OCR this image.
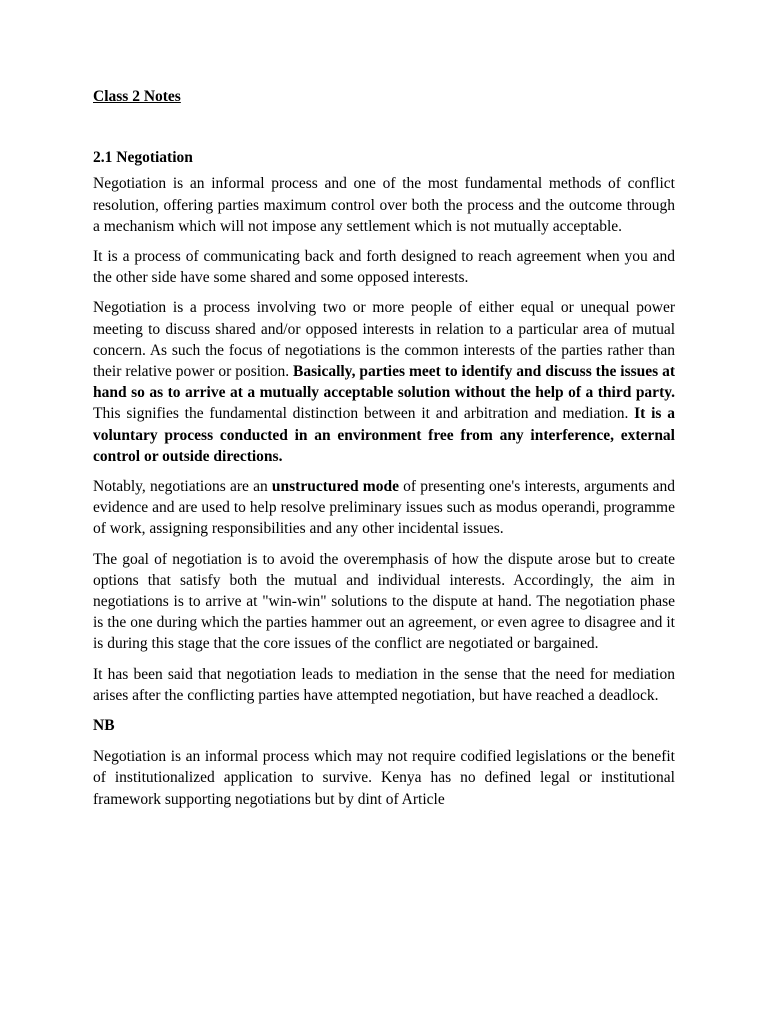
Class 2 Notes
2.1 Negotiation

Negotiation is an informal process and one of the most fundamental methods of conflict resolution, offering parties maximum control over both the process and the outcome through a mechanism which will not impose any settlement which is not mutually acceptable.

It is a process of communicating back and forth designed to reach agreement when you and the other side have some shared and some opposed interests.

Negotiation is a process involving two or more people of either equal or unequal power meeting to discuss shared and/or opposed interests in relation to a particular area of mutual concern. As such the focus of negotiations is the common interests of the parties rather than their relative power or position. Basically, parties meet to identify and discuss the issues at hand so as to arrive at a mutually acceptable solution without the help of a third party. This signifies the fundamental distinction between it and arbitration and mediation. It is a voluntary process conducted in an environment free from any interference, external control or outside directions.

Notably, negotiations are an unstructured mode of presenting one's interests, arguments and evidence and are used to help resolve preliminary issues such as modus operandi, programme of work, assigning responsibilities and any other incidental issues.

The goal of negotiation is to avoid the overemphasis of how the dispute arose but to create options that satisfy both the mutual and individual interests. Accordingly, the aim in negotiations is to arrive at "win-win" solutions to the dispute at hand. The negotiation phase is the one during which the parties hammer out an agreement, or even agree to disagree and it is during this stage that the core issues of the conflict are negotiated or bargained.

It has been said that negotiation leads to mediation in the sense that the need for mediation arises after the conflicting parties have attempted negotiation, but have reached a deadlock.

NB

Negotiation is an informal process which may not require codified legislations or the benefit of institutionalized application to survive. Kenya has no defined legal or institutional framework supporting negotiations but by dint of Article
